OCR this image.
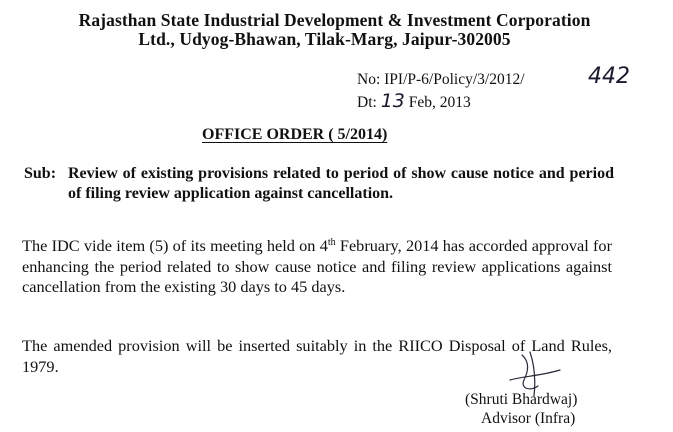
Rajasthan State Industrial Development & Investment Corporation
Ltd., Udyog-Bhawan, Tilak-Marg, Jaipur-302005
No: IPI/P-6/Policy/3/2012/	442
Dt: 13 Feb, 2013
OFFICE ORDER ( 5/2014)
Sub: Review of existing provisions related to period of show cause notice and period of filing review application against cancellation.
The IDC vide item (5) of its meeting held on 4th February, 2014 has accorded approval for enhancing the period related to show cause notice and filing review applications against cancellation from the existing 30 days to 45 days.
The amended provision will be inserted suitably in the RIICO Disposal of Land Rules, 1979.
(Shruti Bhardwaj)
Advisor (Infra)
